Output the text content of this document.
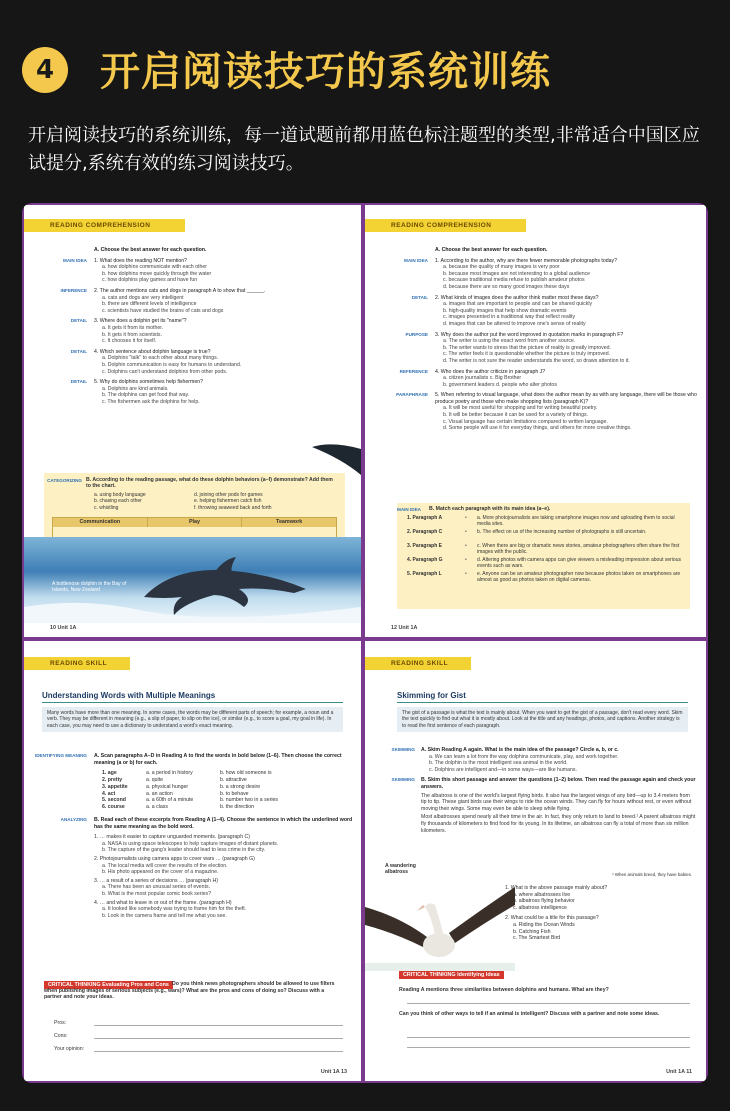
4	开启阅读技巧的系统训练
开启阅读技巧的系统训练，每一道试题前都用蓝色标注题型的类型,非常适合中国区应试提分,系统有效的练习阅读技巧。
READING COMPREHENSION
A. Choose the best answer for each question.
MAIN IDEA 1. What does the reading NOT mention?
a. how dolphins communicate with each other
b. how dolphins move quickly through the water
c. how dolphins play games and have fun
INFERENCE 2. The author mentions cats and dogs in paragraph A to show that ______.
a. cats and dogs are very intelligent
b. there are different levels of intelligence
c. scientists have studied the brains of cats and dogs
DETAIL 3. Where does a dolphin get its "name"?
a. It gets it from its mother.
b. It gets it from scientists.
c. It chooses it for itself.
DETAIL 4. Which sentence about dolphin language is true?
a. Dolphins "talk" to each other about many things.
b. Dolphin communication is easy for humans to understand.
c. Dolphins can't understand dolphins from other pods.
DETAIL 5. Why do dolphins sometimes help fishermen?
a. Dolphins are kind animals.
b. The dolphins can get food that way.
c. The fishermen ask the dolphins for help.
CATEGORIZING B. According to the reading passage, what do these dolphin behaviors (a–f) demonstrate? Add them to the chart.
a. using body language
b. chasing each other
c. whistling
d. joining other pods for games
e. helping fishermen catch fish
f. throwing seaweed back and forth
Communication	Play	Teamwork
A bottlenose dolphin in the Bay of Islands, New Zealand
10 Unit 1A
READING COMPREHENSION
A. Choose the best answer for each question.
MAIN IDEA 1. According to the author, why are there fewer memorable photographs today?
a. because the quality of many images is very poor
b. because most images are not interesting to a global audience
c. because traditional media refuse to publish amateur photos
d. because there are so many good images these days
DETAIL 2. What kinds of images does the author think matter most these days?
a. images that are important to people and can be shared quickly
b. high-quality images that help show dramatic events
c. images presented in a traditional way that reflect reality
d. images that can be altered to improve one's sense of reality
PURPOSE 3. Why does the author put the word improved in quotation marks in paragraph F?
a. The writer is using the exact word from another source.
b. The writer wants to stress that the picture of reality is greatly improved.
c. The writer feels it is questionable whether the picture is truly improved.
d. The writer is not sure the reader understands the word, so draws attention to it.
REFERENCE 4. Who does the author criticize in paragraph J?
a. citizen journalists c. Big Brother
b. government leaders d. people who alter photos
PARAPHRASE 5. When referring to visual language, what does the author mean by as with any language, there will be those who produce poetry and those who make shopping lists (paragraph K)?
a. It will be most useful for shopping and for writing beautiful poetry.
b. It will be better because it can be used for a variety of things.
c. Visual language has certain limitations compared to written language.
d. Some people will use it for everyday things, and others for more creative things.
MAIN IDEA B. Match each paragraph with its main idea (a–e).
1. Paragraph A	•	a. More photojournalists are taking smartphone images now and uploading them to social media sites.
2. Paragraph C	•	b. The effect on us of the increasing number of photographs is still uncertain.
3. Paragraph E	•	c. When there are big or dramatic news stories, amateur photographers often share the first images with the public.
4. Paragraph G	•	d. Altering photos with camera apps can give viewers a misleading impression about serious events such as wars.
5. Paragraph L	•	e. Anyone can be an amateur photographer now because photos taken on smartphones are almost as good as photos taken on digital cameras.
12 Unit 1A
READING SKILL
Understanding Words with Multiple Meanings
Many words have more than one meaning. In some cases, the words may be different parts of speech; for example, a noun and a verb. They may be different in meaning (e.g., a slip of paper, to slip on the ice), or similar (e.g., to score a goal, my goal in life). In each case, you may need to use a dictionary to understand a word's exact meaning.
IDENTIFYING MEANING A. Scan paragraphs A–D in Reading A to find the words in bold below (1–6). Then choose the correct meaning (a or b) for each.
1. age	a. a period in history	b. how old someone is
2. pretty	a. quite	b. attractive
3. appetite	a. physical hunger	b. a strong desire
4. act	a. an action	b. to behave
5. second	a. a 60th of a minute	b. number two in a series
6. course	a. a class	b. the direction
ANALYZING B. Read each of these excerpts from Reading A (1–4). Choose the sentence in which the underlined word has the same meaning as the bold word.
1. … makes it easier to capture unguarded moments. (paragraph C)
a. NASA is using space telescopes to help capture images of distant planets.
b. The capture of the gang's leader should lead to less crime in the city.
2. Photojournalists using camera apps to cover wars … (paragraph G)
a. The local media will cover the results of the election.
b. His photo appeared on the cover of a magazine.
3. … a result of a series of decisions … (paragraph H)
a. There has been an unusual series of events.
b. What is the most popular comic book series?
4. … and what to leave in or out of the frame. (paragraph H)
a. It looked like somebody was trying to frame him for the theft.
b. Look in the camera frame and tell me what you see.
CRITICAL THINKING Evaluating Pros and Cons Do you think news photographers should be allowed to use filters when publishing images of serious subjects (e.g., wars)? What are the pros and cons of doing so? Discuss with a partner and note your ideas.
Pros:
Cons:
Your opinion:
Unit 1A 13
READING SKILL
Skimming for Gist
The gist of a passage is what the text is mainly about. When you want to get the gist of a passage, don't read every word. Skim the text quickly to find out what it is mostly about. Look at the title and any headings, photos, and captions. Another strategy is to read the first sentence of each paragraph.
SKIMMING A. Skim Reading A again. What is the main idea of the passage? Circle a, b, or c.
a. We can learn a lot from the way dolphins communicate, play, and work together.
b. The dolphin is the most intelligent sea animal in the world.
c. Dolphins are intelligent and—in some ways—are like humans.
SKIMMING B. Skim this short passage and answer the questions (1–2) below. Then read the passage again and check your answers.
The albatross is one of the world's largest flying birds. It also has the largest wings of any bird—up to 3.4 meters from tip to tip. These giant birds use their wings to ride the ocean winds. They can fly for hours without rest, or even without moving their wings. Some may even be able to sleep while flying.
Most albatrosses spend nearly all their time in the air. In fact, they only return to land to breed.¹ A parent albatross might fly thousands of kilometers to find food for its young. In its lifetime, an albatross can fly a total of more than six million kilometers.
¹ When animals breed, they have babies.
A wandering albatross
1. What is the above passage mainly about?
a. where albatrosses live
b. albatross flying behavior
c. albatross intelligence
2. What could be a title for this passage?
a. Riding the Ocean Winds
b. Catching Fish
c. The Smartest Bird
CRITICAL THINKING Identifying Ideas
Reading A mentions three similarities between dolphins and humans. What are they?
Can you think of other ways to tell if an animal is intelligent? Discuss with a partner and note some ideas.
Unit 1A 11
